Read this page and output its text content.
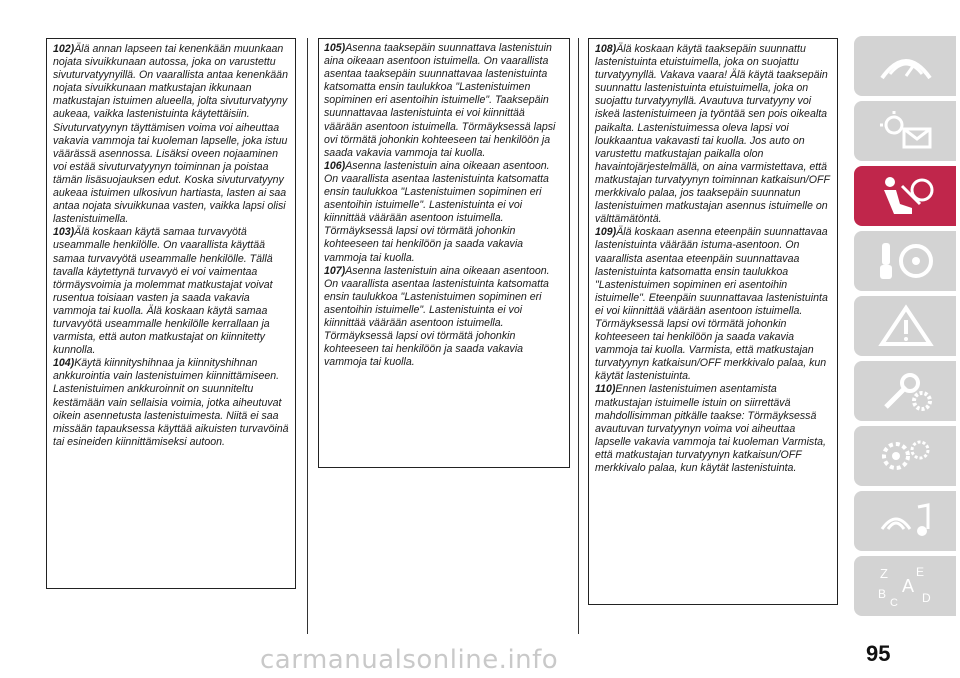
102)Älä annan lapseen tai kenenkään muunkaan nojata sivuikkunaan autossa, joka on varustettu sivuturvatyynyillä. On vaarallista antaa kenenkään nojata sivuikkunaan matkustajan ikkunaan matkustajan istuimen alueella, jolta sivuturvatyyny aukeaa, vaikka lastenistuinta käytettäisiin. Sivuturvatyynyn täyttämisen voima voi aiheuttaa vakavia vammoja tai kuoleman lapselle, joka istuu väärässä asennossa. Lisäksi oveen nojaaminen voi estää sivuturvatyynyn toiminnan ja poistaa tämän lisäsuojauksen edut. Koska sivuturvatyyny aukeaa istuimen ulkosivun hartiasta, lasten ai saa antaa nojata sivuikkunaa vasten, vaikka lapsi olisi lastenistuimella.

103)Älä koskaan käytä samaa turvavyötä useammalle henkilölle. On vaarallista käyttää samaa turvavyötä useammalle henkilölle. Tällä tavalla käytettynä turvavyö ei voi vaimentaa törmäysvoimia ja molemmat matkustajat voivat rusentua toisiaan vasten ja saada vakavia vammoja tai kuolla. Älä koskaan käytä samaa turvavyötä useammalle henkilölle kerrallaan ja varmista, että auton matkustajat on kiinnitetty kunnolla.

104)Käytä kiinnityshihnaa ja kiinnityshihnan ankkurointia vain lastenistuimen kiinnittämiseen. Lastenistuimen ankkuroinnit on suunniteltu kestämään vain sellaisia voimia, jotka aiheutuvat oikein asennetusta lastenistuimesta. Niitä ei saa missään tapauksessa käyttää aikuisten turvavöinä tai esineiden kiinnittämiseksi autoon.

105)Asenna taaksepäin suunnattava lastenistuin aina oikeaan asentoon istuimella. On vaarallista asentaa taaksepäin suunnattavaa lastenistuinta katsomatta ensin taulukkoa "Lastenistuimen sopiminen eri asentoihin istuimelle". Taaksepäin suunnattavaa lastenistuinta ei voi kiinnittää väärään asentoon istuimella. Törmäyksessä lapsi ovi törmätä johonkin kohteeseen tai henkilöön ja saada vakavia vammoja tai kuolla.

106)Asenna lastenistuin aina oikeaan asentoon. On vaarallista asentaa lastenistuinta katsomatta ensin taulukkoa "Lastenistuimen sopiminen eri asentoihin istuimelle". Lastenistuinta ei voi kiinnittää väärään asentoon istuimella. Törmäyksessä lapsi ovi törmätä johonkin kohteeseen tai henkilöön ja saada vakavia vammoja tai kuolla.

107)Asenna lastenistuin aina oikeaan asentoon. On vaarallista asentaa lastenistuinta katsomatta ensin taulukkoa "Lastenistuimen sopiminen eri asentoihin istuimelle". Lastenistuinta ei voi kiinnittää väärään asentoon istuimella. Törmäyksessä lapsi ovi törmätä johonkin kohteeseen tai henkilöön ja saada vakavia vammoja tai kuolla.

108)Älä koskaan käytä taaksepäin suunnattu lastenistuinta etuistuimella, joka on suojattu turvatyynyllä. Vakava vaara! Älä käytä taaksepäin suunnattu lastenistuinta etuistuimella, joka on suojattu turvatyynyllä. Avautuva turvatyyny voi iskeä lastenistuimeen ja työntää sen pois oikealta paikalta. Lastenistuimessa oleva lapsi voi loukkaantua vakavasti tai kuolla. Jos auto on varustettu matkustajan paikalla olon havaintojärjestelmällä, on aina varmistettava, että matkustajan turvatyynyn toiminnan katkaisun/OFF merkkivalo palaa, jos taaksepäin suunnatun lastenistuimen matkustajan asennus istuimelle on välttämätöntä.

109)Älä koskaan asenna eteenpäin suunnattavaa lastenistuinta väärään istuma-asentoon. On vaarallista asentaa eteenpäin suunnattavaa lastenistuinta katsomatta ensin taulukkoa "Lastenistuimen sopiminen eri asentoihin istuimelle". Eteenpäin suunnattavaa lastenistuinta ei voi kiinnittää väärään asentoon istuimella. Törmäyksessä lapsi ovi törmätä johonkin kohteeseen tai henkilöön ja saada vakavia vammoja tai kuolla. Varmista, että matkustajan turvatyynyn katkaisun/OFF merkkivalo palaa, kun käytät lastenistuinta.

110)Ennen lastenistuimen asentamista matkustajan istuimelle istuin on siirrettävä mahdollisimman pitkälle taakse: Törmäyksessä avautuvan turvatyynyn voima voi aiheuttaa lapselle vakavia vammoja tai kuoleman Varmista, että matkustajan turvatyynyn katkaisun/OFF merkkivalo palaa, kun käytät lastenistuinta.

Z E
A
B	D
C
95
carmanualsonline.info
